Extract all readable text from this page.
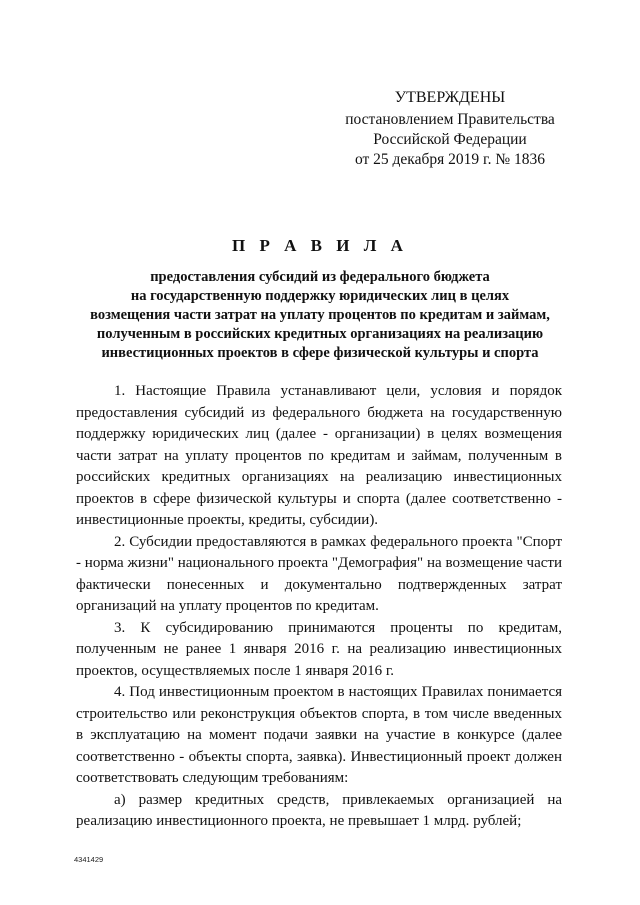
УТВЕРЖДЕНЫ
постановлением Правительства
Российской Федерации
от 25 декабря 2019 г. № 1836
П Р А В И Л А
предоставления субсидий из федерального бюджета
на государственную поддержку юридических лиц в целях
возмещения части затрат на уплату процентов по кредитам и займам,
полученным в российских кредитных организациях на реализацию
инвестиционных проектов в сфере физической культуры и спорта

1. Настоящие Правила устанавливают цели, условия и порядок предоставления субсидий из федерального бюджета на государственную поддержку юридических лиц (далее - организации) в целях возмещения части затрат на уплату процентов по кредитам и займам, полученным в российских кредитных организациях на реализацию инвестиционных проектов в сфере физической культуры и спорта (далее соответственно - инвестиционные проекты, кредиты, субсидии).

2. Субсидии предоставляются в рамках федерального проекта "Спорт - норма жизни" национального проекта "Демография" на возмещение части фактически понесенных и документально подтвержденных затрат организаций на уплату процентов по кредитам.

3. К субсидированию принимаются проценты по кредитам, полученным не ранее 1 января 2016 г. на реализацию инвестиционных проектов, осуществляемых после 1 января 2016 г.

4. Под инвестиционным проектом в настоящих Правилах понимается строительство или реконструкция объектов спорта, в том числе введенных в эксплуатацию на момент подачи заявки на участие в конкурсе (далее соответственно - объекты спорта, заявка). Инвестиционный проект должен соответствовать следующим требованиям:

а) размер кредитных средств, привлекаемых организацией на реализацию инвестиционного проекта, не превышает 1 млрд. рублей;

4341429
